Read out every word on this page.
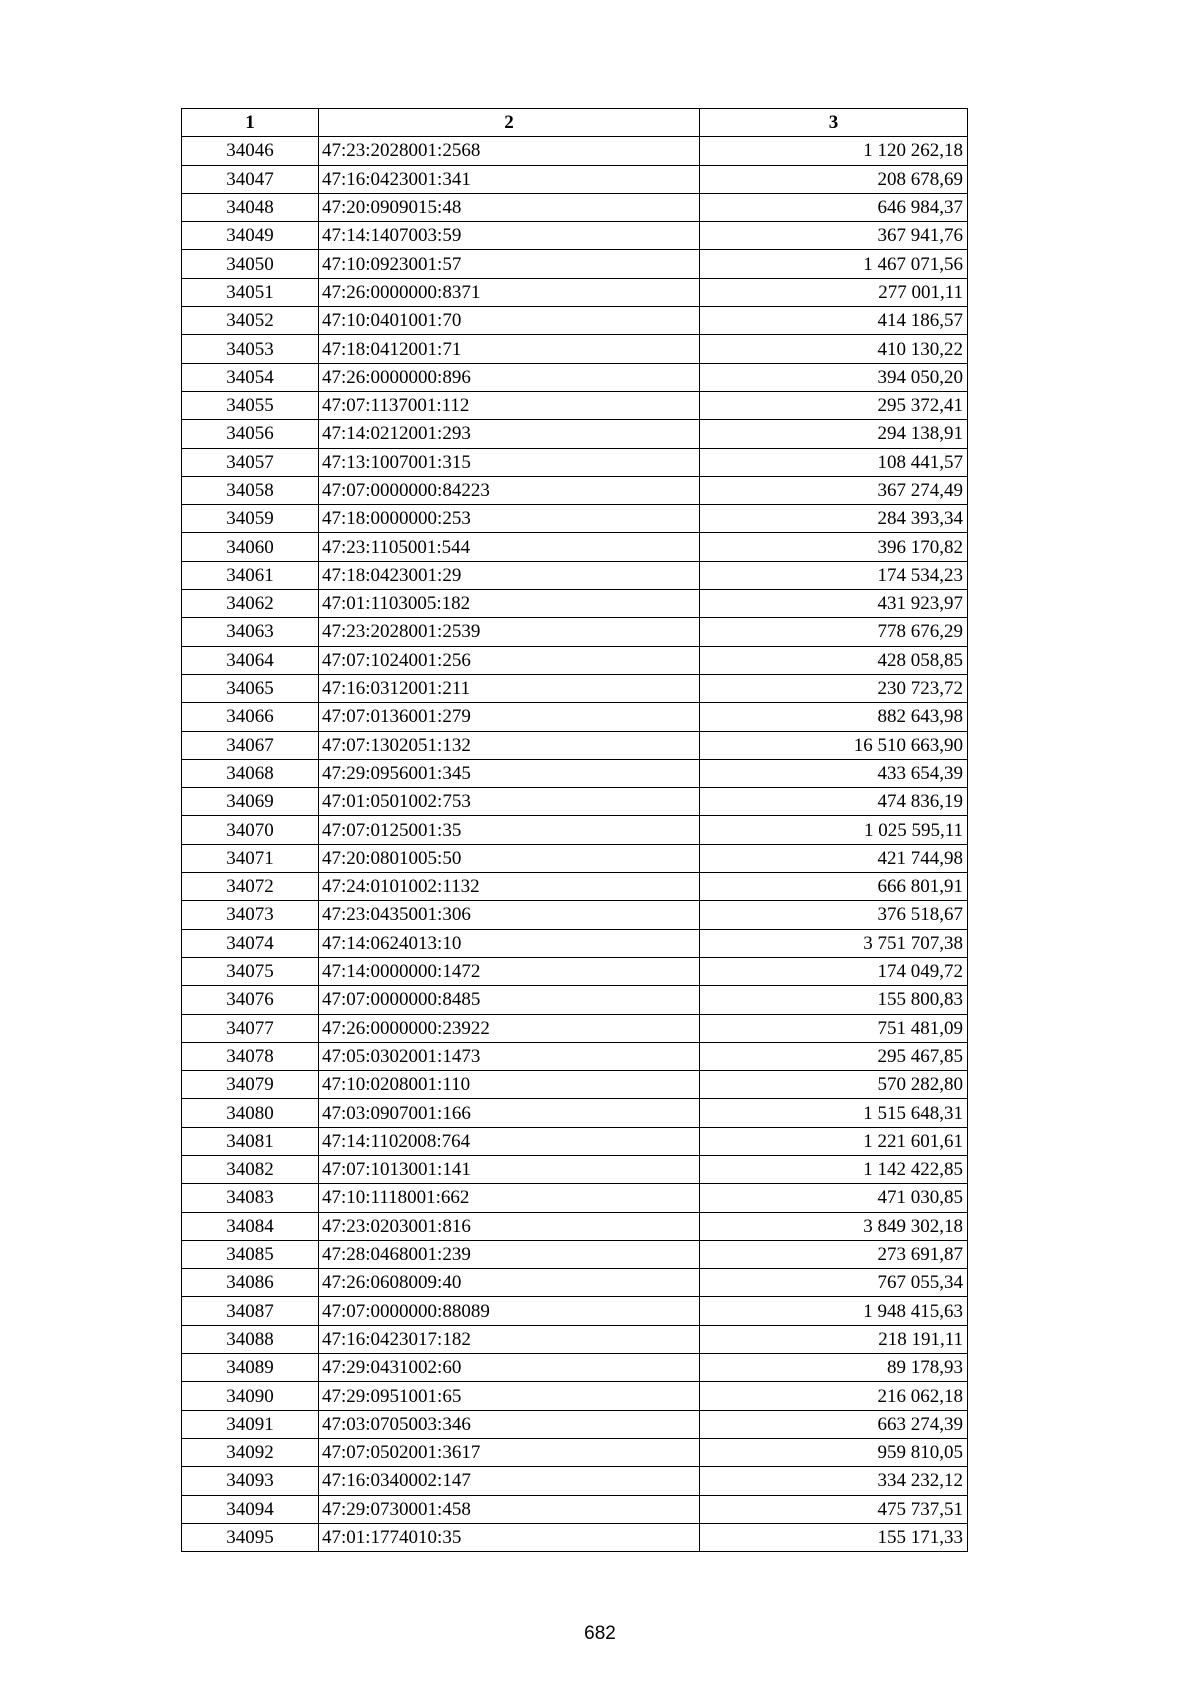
1	2	3
34046	47:23:2028001:2568	1 120 262,18
34047	47:16:0423001:341	208 678,69
34048	47:20:0909015:48	646 984,37
34049	47:14:1407003:59	367 941,76
34050	47:10:0923001:57	1 467 071,56
34051	47:26:0000000:8371	277 001,11
34052	47:10:0401001:70	414 186,57
34053	47:18:0412001:71	410 130,22
34054	47:26:0000000:896	394 050,20
34055	47:07:1137001:112	295 372,41
34056	47:14:0212001:293	294 138,91
34057	47:13:1007001:315	108 441,57
34058	47:07:0000000:84223	367 274,49
34059	47:18:0000000:253	284 393,34
34060	47:23:1105001:544	396 170,82
34061	47:18:0423001:29	174 534,23
34062	47:01:1103005:182	431 923,97
34063	47:23:2028001:2539	778 676,29
34064	47:07:1024001:256	428 058,85
34065	47:16:0312001:211	230 723,72
34066	47:07:0136001:279	882 643,98
34067	47:07:1302051:132	16 510 663,90
34068	47:29:0956001:345	433 654,39
34069	47:01:0501002:753	474 836,19
34070	47:07:0125001:35	1 025 595,11
34071	47:20:0801005:50	421 744,98
34072	47:24:0101002:1132	666 801,91
34073	47:23:0435001:306	376 518,67
34074	47:14:0624013:10	3 751 707,38
34075	47:14:0000000:1472	174 049,72
34076	47:07:0000000:8485	155 800,83
34077	47:26:0000000:23922	751 481,09
34078	47:05:0302001:1473	295 467,85
34079	47:10:0208001:110	570 282,80
34080	47:03:0907001:166	1 515 648,31
34081	47:14:1102008:764	1 221 601,61
34082	47:07:1013001:141	1 142 422,85
34083	47:10:1118001:662	471 030,85
34084	47:23:0203001:816	3 849 302,18
34085	47:28:0468001:239	273 691,87
34086	47:26:0608009:40	767 055,34
34087	47:07:0000000:88089	1 948 415,63
34088	47:16:0423017:182	218 191,11
34089	47:29:0431002:60	89 178,93
34090	47:29:0951001:65	216 062,18
34091	47:03:0705003:346	663 274,39
34092	47:07:0502001:3617	959 810,05
34093	47:16:0340002:147	334 232,12
34094	47:29:0730001:458	475 737,51
34095	47:01:1774010:35	155 171,33
682
